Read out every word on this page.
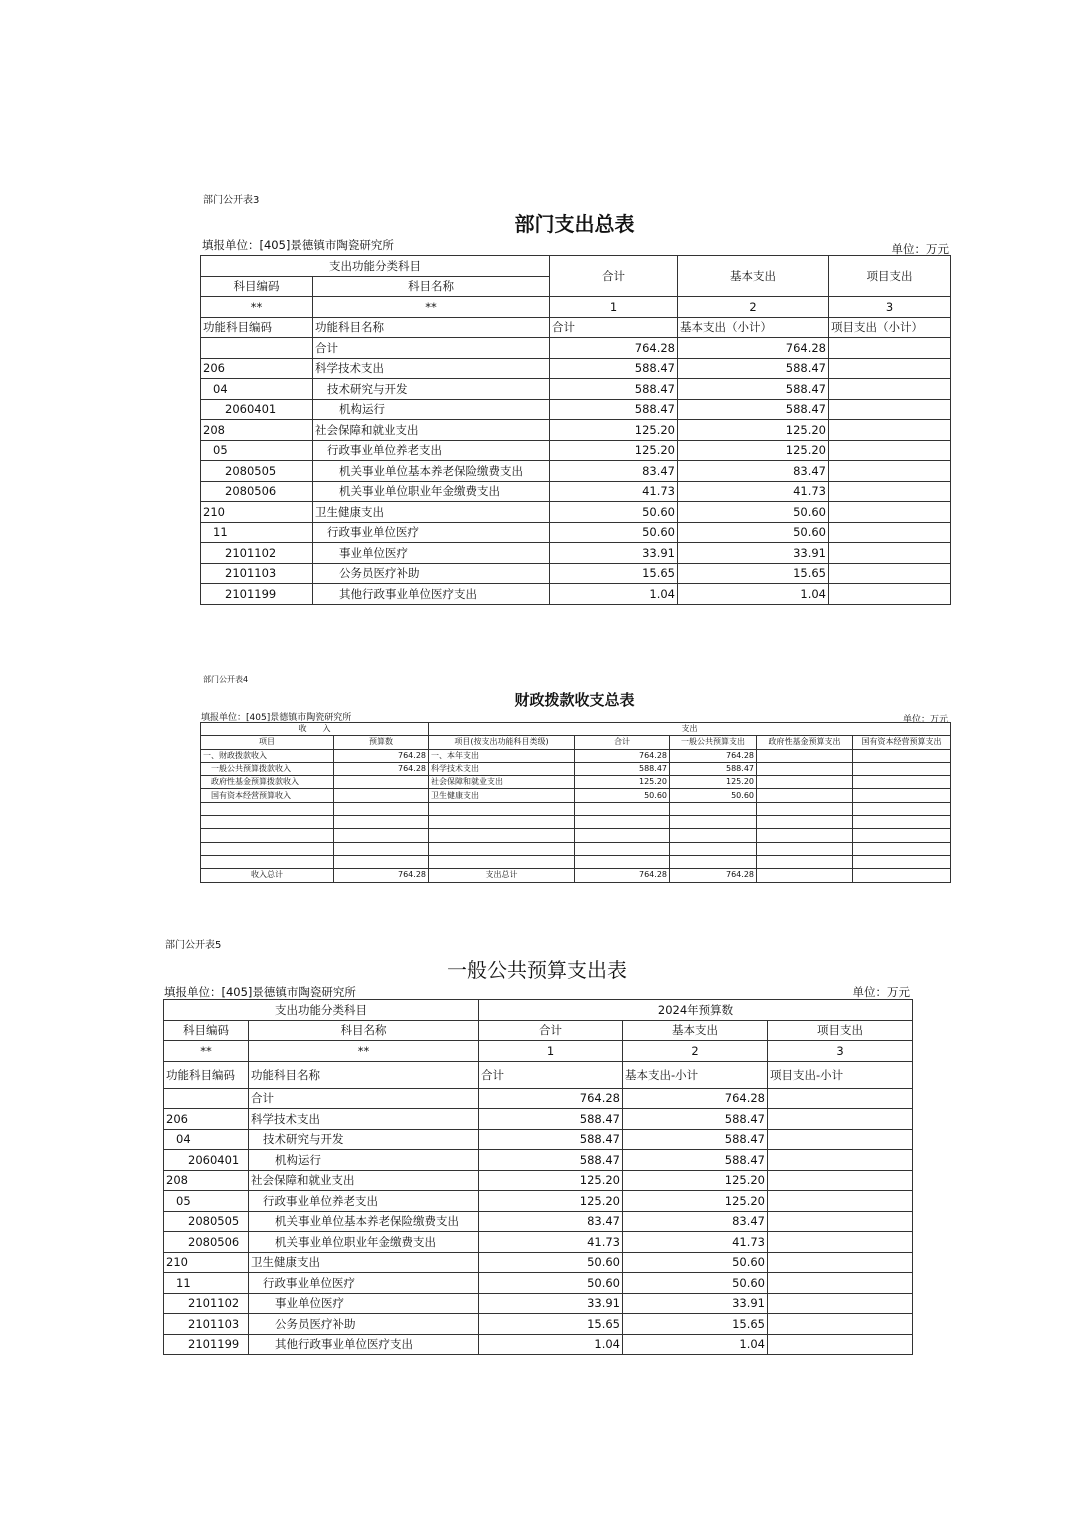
部门公开表3
部门支出总表
填报单位：[405]景德镇市陶瓷研究所	单位：万元
支出功能分类科目		合计	基本支出	项目支出
科目编码	科目名称			
**	**	1	2	3
功能科目编码	功能科目名称	合计	基本支出（小计）	项目支出（小计）
	合计	764.28	764.28	
206	科学技术支出	588.47	588.47	
04	技术研究与开发	588.47	588.47	
2060401	机构运行	588.47	588.47	
208	社会保障和就业支出	125.20	125.20	
05	行政事业单位养老支出	125.20	125.20	
2080505	机关事业单位基本养老保险缴费支出	83.47	83.47	
2080506	机关事业单位职业年金缴费支出	41.73	41.73	
210	卫生健康支出	50.60	50.60	
11	行政事业单位医疗	50.60	50.60	
2101102	事业单位医疗	33.91	33.91	
2101103	公务员医疗补助	15.65	15.65	
2101199	其他行政事业单位医疗支出	1.04	1.04	
部门公开表4
财政拨款收支总表
填报单位：[405]景德镇市陶瓷研究所	单位：万元
收　　入		支出				
项目	预算数	项目(按支出功能科目类级)	合计	一般公共预算支出	政府性基金预算支出	国有资本经营预算支出
一、财政拨款收入	764.28	一、本年支出	764.28	764.28		
　一般公共预算拨款收入	764.28	科学技术支出	588.47	588.47		
　政府性基金预算拨款收入		社会保障和就业支出	125.20	125.20		
　国有资本经营预算收入		卫生健康支出	50.60	50.60		

收入总计	764.28	支出总计	764.28	764.28		
部门公开表5
一般公共预算支出表
填报单位：[405]景德镇市陶瓷研究所	单位：万元
支出功能分类科目		2024年预算数		
科目编码	科目名称	合计	基本支出	项目支出
**	**	1	2	3
功能科目编码	功能科目名称	合计	基本支出-小计	项目支出-小计
	合计	764.28	764.28	
206	科学技术支出	588.47	588.47	
04	技术研究与开发	588.47	588.47	
2060401	机构运行	588.47	588.47	
208	社会保障和就业支出	125.20	125.20	
05	行政事业单位养老支出	125.20	125.20	
2080505	机关事业单位基本养老保险缴费支出	83.47	83.47	
2080506	机关事业单位职业年金缴费支出	41.73	41.73	
210	卫生健康支出	50.60	50.60	
11	行政事业单位医疗	50.60	50.60	
2101102	事业单位医疗	33.91	33.91	
2101103	公务员医疗补助	15.65	15.65	
2101199	其他行政事业单位医疗支出	1.04	1.04	
